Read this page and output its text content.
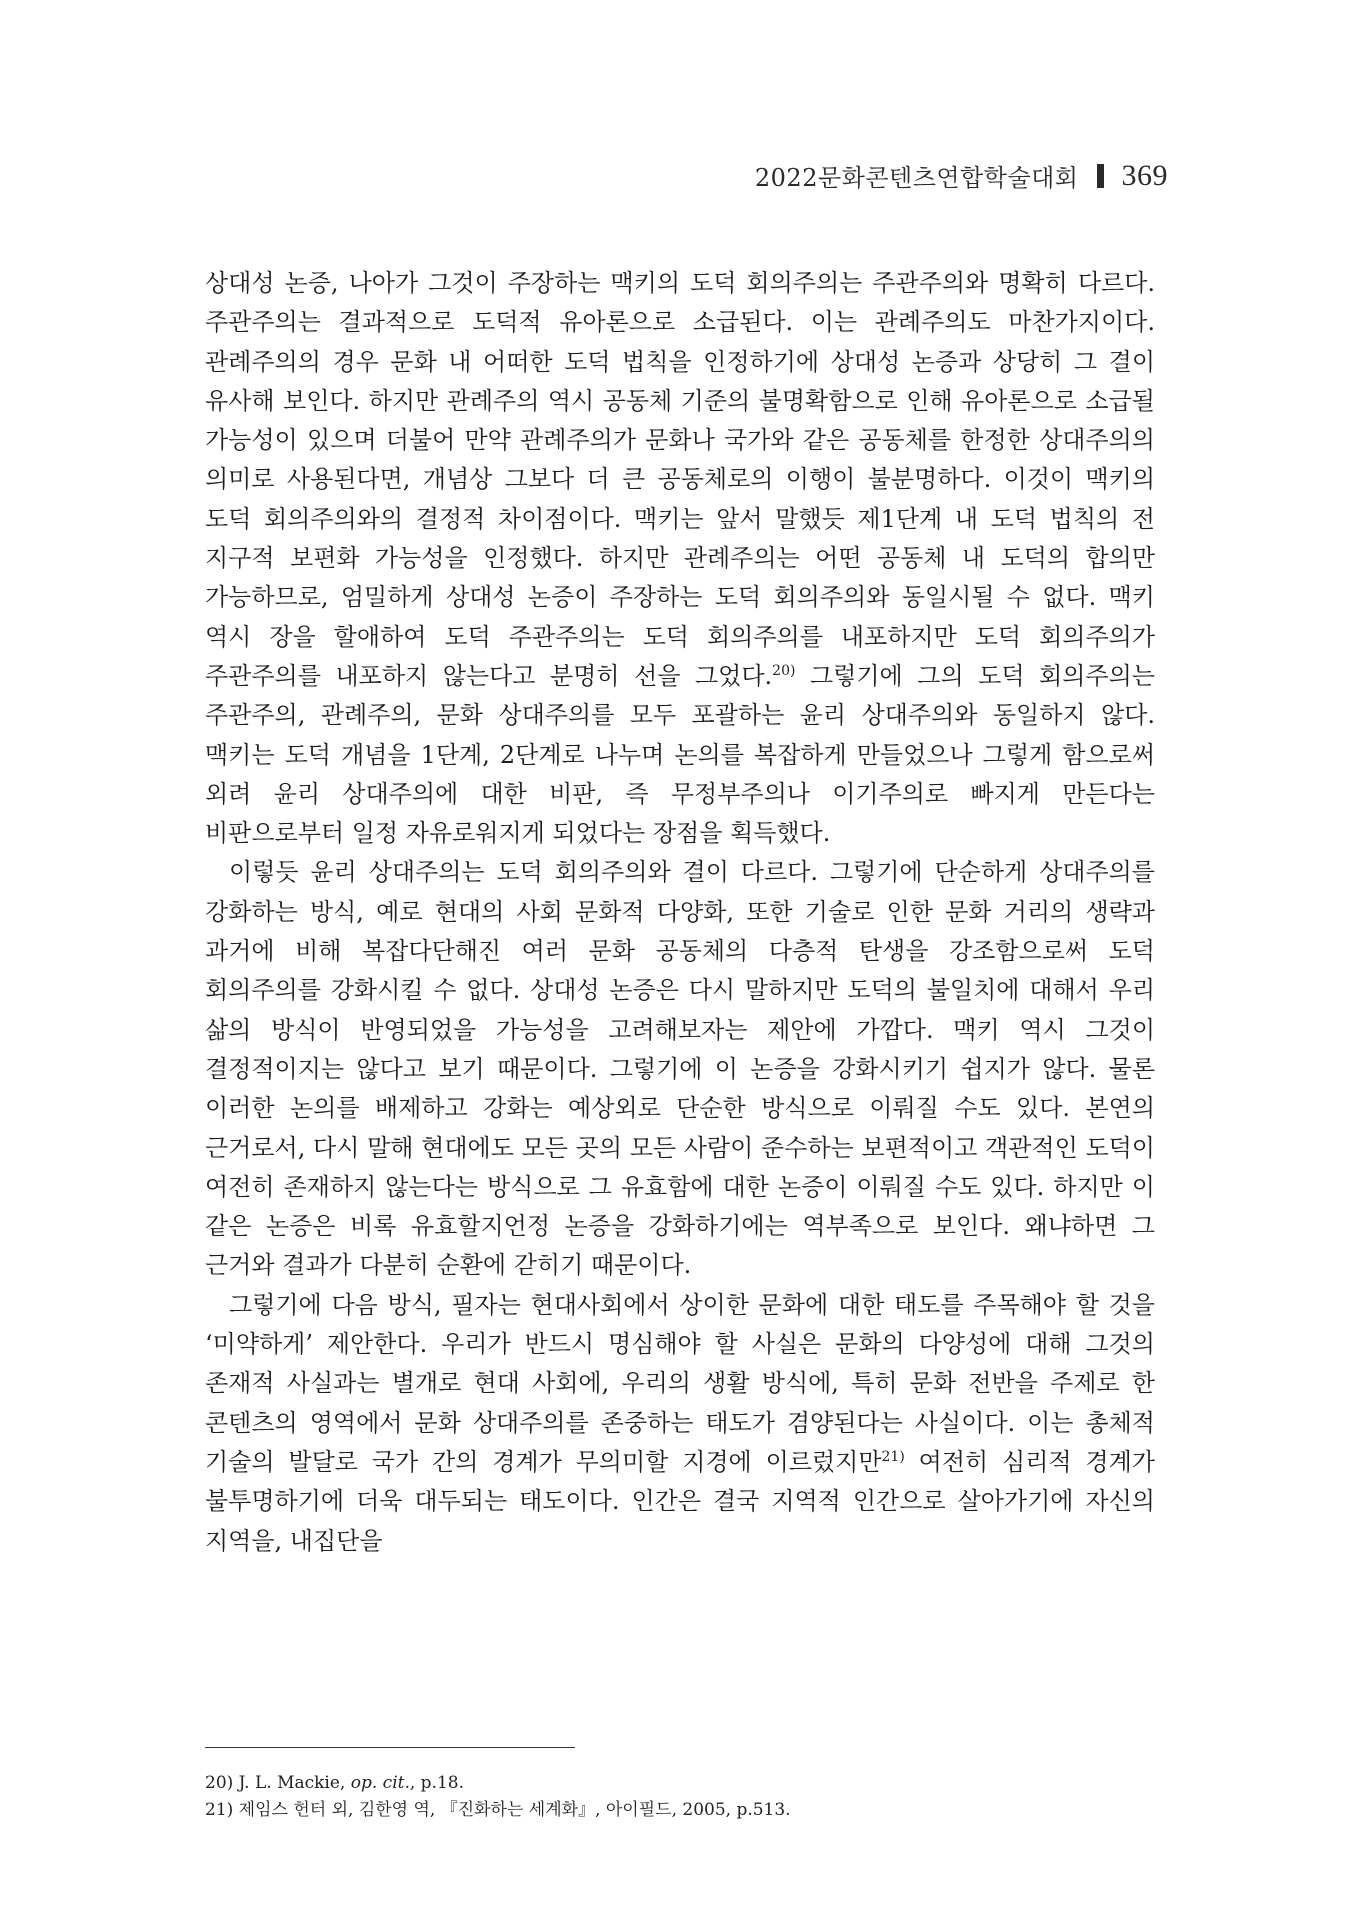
2022문화콘텐츠연합학술대회 369

상대성 논증, 나아가 그것이 주장하는 맥키의 도덕 회의주의는 주관주의와 명확히 다르다. 주관주의는 결과적으로 도덕적 유아론으로 소급된다. 이는 관례주의도 마찬가지이다. 관례주의의 경우 문화 내 어떠한 도덕 법칙을 인정하기에 상대성 논증과 상당히 그 결이 유사해 보인다. 하지만 관례주의 역시 공동체 기준의 불명확함으로 인해 유아론으로 소급될 가능성이 있으며 더불어 만약 관례주의가 문화나 국가와 같은 공동체를 한정한 상대주의의 의미로 사용된다면, 개념상 그보다 더 큰 공동체로의 이행이 불분명하다. 이것이 맥키의 도덕 회의주의와의 결정적 차이점이다. 맥키는 앞서 말했듯 제1단계 내 도덕 법칙의 전 지구적 보편화 가능성을 인정했다. 하지만 관례주의는 어떤 공동체 내 도덕의 합의만 가능하므로, 엄밀하게 상대성 논증이 주장하는 도덕 회의주의와 동일시될 수 없다. 맥키 역시 장을 할애하여 도덕 주관주의는 도덕 회의주의를 내포하지만 도덕 회의주의가 주관주의를 내포하지 않는다고 분명히 선을 그었다.$^{20)}$ 그렇기에 그의 도덕 회의주의는 주관주의, 관례주의, 문화 상대주의를 모두 포괄하는 윤리 상대주의와 동일하지 않다. 맥키는 도덕 개념을 1단계, 2단계로 나누며 논의를 복잡하게 만들었으나 그렇게 함으로써 외려 윤리 상대주의에 대한 비판, 즉 무정부주의나 이기주의로 빠지게 만든다는 비판으로부터 일정 자유로워지게 되었다는 장점을 획득했다.

이렇듯 윤리 상대주의는 도덕 회의주의와 결이 다르다. 그렇기에 단순하게 상대주의를 강화하는 방식, 예로 현대의 사회 문화적 다양화, 또한 기술로 인한 문화 거리의 생략과 과거에 비해 복잡다단해진 여러 문화 공동체의 다층적 탄생을 강조함으로써 도덕 회의주의를 강화시킬 수 없다. 상대성 논증은 다시 말하지만 도덕의 불일치에 대해서 우리 삶의 방식이 반영되었을 가능성을 고려해보자는 제안에 가깝다. 맥키 역시 그것이 결정적이지는 않다고 보기 때문이다. 그렇기에 이 논증을 강화시키기 쉽지가 않다. 물론 이러한 논의를 배제하고 강화는 예상외로 단순한 방식으로 이뤄질 수도 있다. 본연의 근거로서, 다시 말해 현대에도 모든 곳의 모든 사람이 준수하는 보편적이고 객관적인 도덕이 여전히 존재하지 않는다는 방식으로 그 유효함에 대한 논증이 이뤄질 수도 있다. 하지만 이 같은 논증은 비록 유효할지언정 논증을 강화하기에는 역부족으로 보인다. 왜냐하면 그 근거와 결과가 다분히 순환에 갇히기 때문이다.

그렇기에 다음 방식, 필자는 현대사회에서 상이한 문화에 대한 태도를 주목해야 할 것을 ‘미약하게’ 제안한다. 우리가 반드시 명심해야 할 사실은 문화의 다양성에 대해 그것의 존재적 사실과는 별개로 현대 사회에, 우리의 생활 방식에, 특히 문화 전반을 주제로 한 콘텐츠의 영역에서 문화 상대주의를 존중하는 태도가 겸양된다는 사실이다. 이는 총체적 기술의 발달로 국가 간의 경계가 무의미할 지경에 이르렀지만$^{21)}$ 여전히 심리적 경계가 불투명하기에 더욱 대두되는 태도이다. 인간은 결국 지역적 인간으로 살아가기에 자신의 지역을, 내집단을

20) J. L. Mackie, op. cit., p.18.

21) 제임스 헌터 외, 김한영 역, 『진화하는 세계화』, 아이필드, 2005, p.513.
